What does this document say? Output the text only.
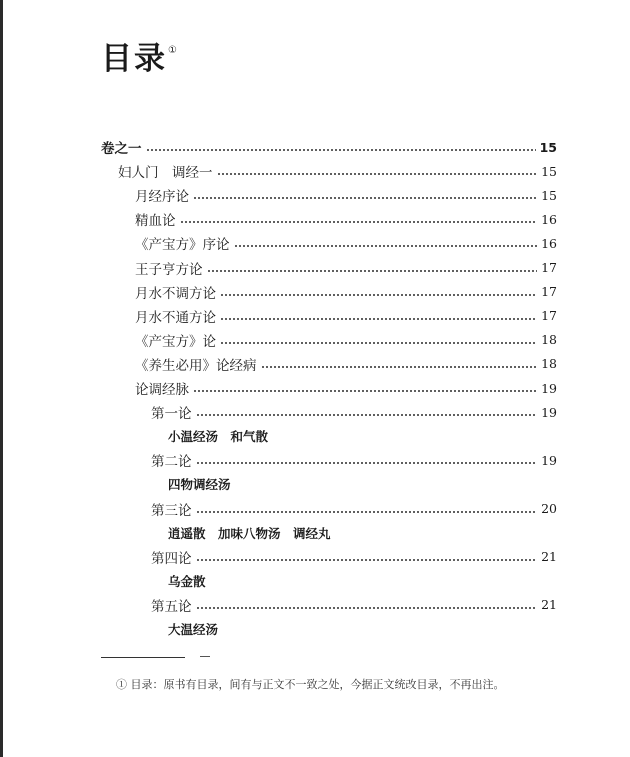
目录①
卷之一	15
妇人门　调经一	15
月经序论	15
精血论	16
《产宝方》序论	16
王子亨方论	17
月水不调方论	17
月水不通方论	17
《产宝方》论	18
《养生必用》论经病	18
论调经脉	19
第一论	19
小温经汤　和气散
第二论	19
四物调经汤
第三论	20
逍遥散　加味八物汤　调经丸
第四论	21
乌金散
第五论	21
大温经汤

① 目录：原书有目录，间有与正文不一致之处，今据正文统改目录，不再出注。
